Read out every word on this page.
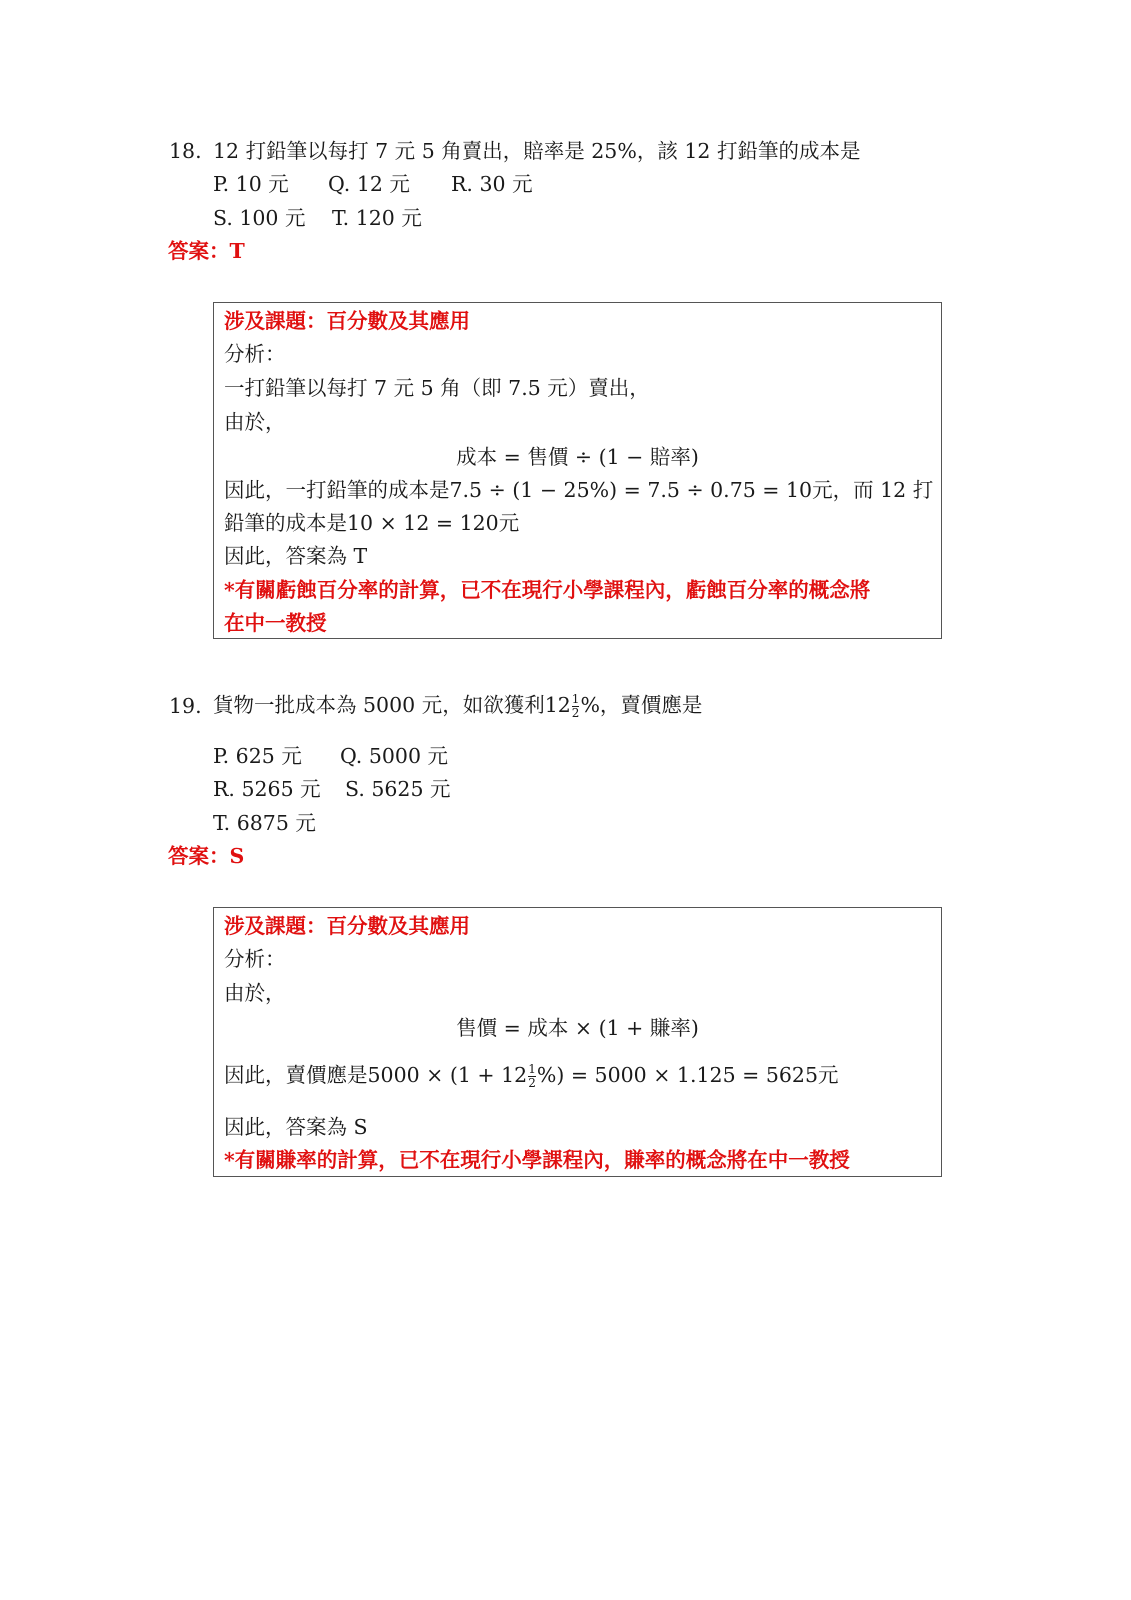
18. 12 打鉛筆以每打 7 元 5 角賣出，賠率是 25%，該 12 打鉛筆的成本是
P. 10 元 Q. 12 元 R. 30 元
S. 100 元 T. 120 元
答案：T
涉及課題：百分數及其應用
分析：
一打鉛筆以每打 7 元 5 角（即 7.5 元）賣出，
由於，
成本 = 售價 ÷ (1 − 賠率)
因此，一打鉛筆的成本是7.5 ÷ (1 − 25%) = 7.5 ÷ 0.75 = 10元，而 12 打
鉛筆的成本是10 × 12 = 120元
因此，答案為 T
*有關虧蝕百分率的計算，已不在現行小學課程內，虧蝕百分率的概念將
在中一教授
19. 貨物一批成本為 5000 元，如欲獲利$12 \frac{1}{2}$ %，賣價應是
P. 625 元 Q. 5000 元
R. 5265 元 S. 5625 元
T. 6875 元
答案：S
涉及課題：百分數及其應用
分析：
由於，
售價 = 成本 × (1 + 賺率)
因此，賣價應是$5000 \times (1 + 12 \frac{1}{2}$ %) = 5000 × 1.125 = 5625元
因此，答案為 S
*有關賺率的計算，已不在現行小學課程內，賺率的概念將在中一教授
